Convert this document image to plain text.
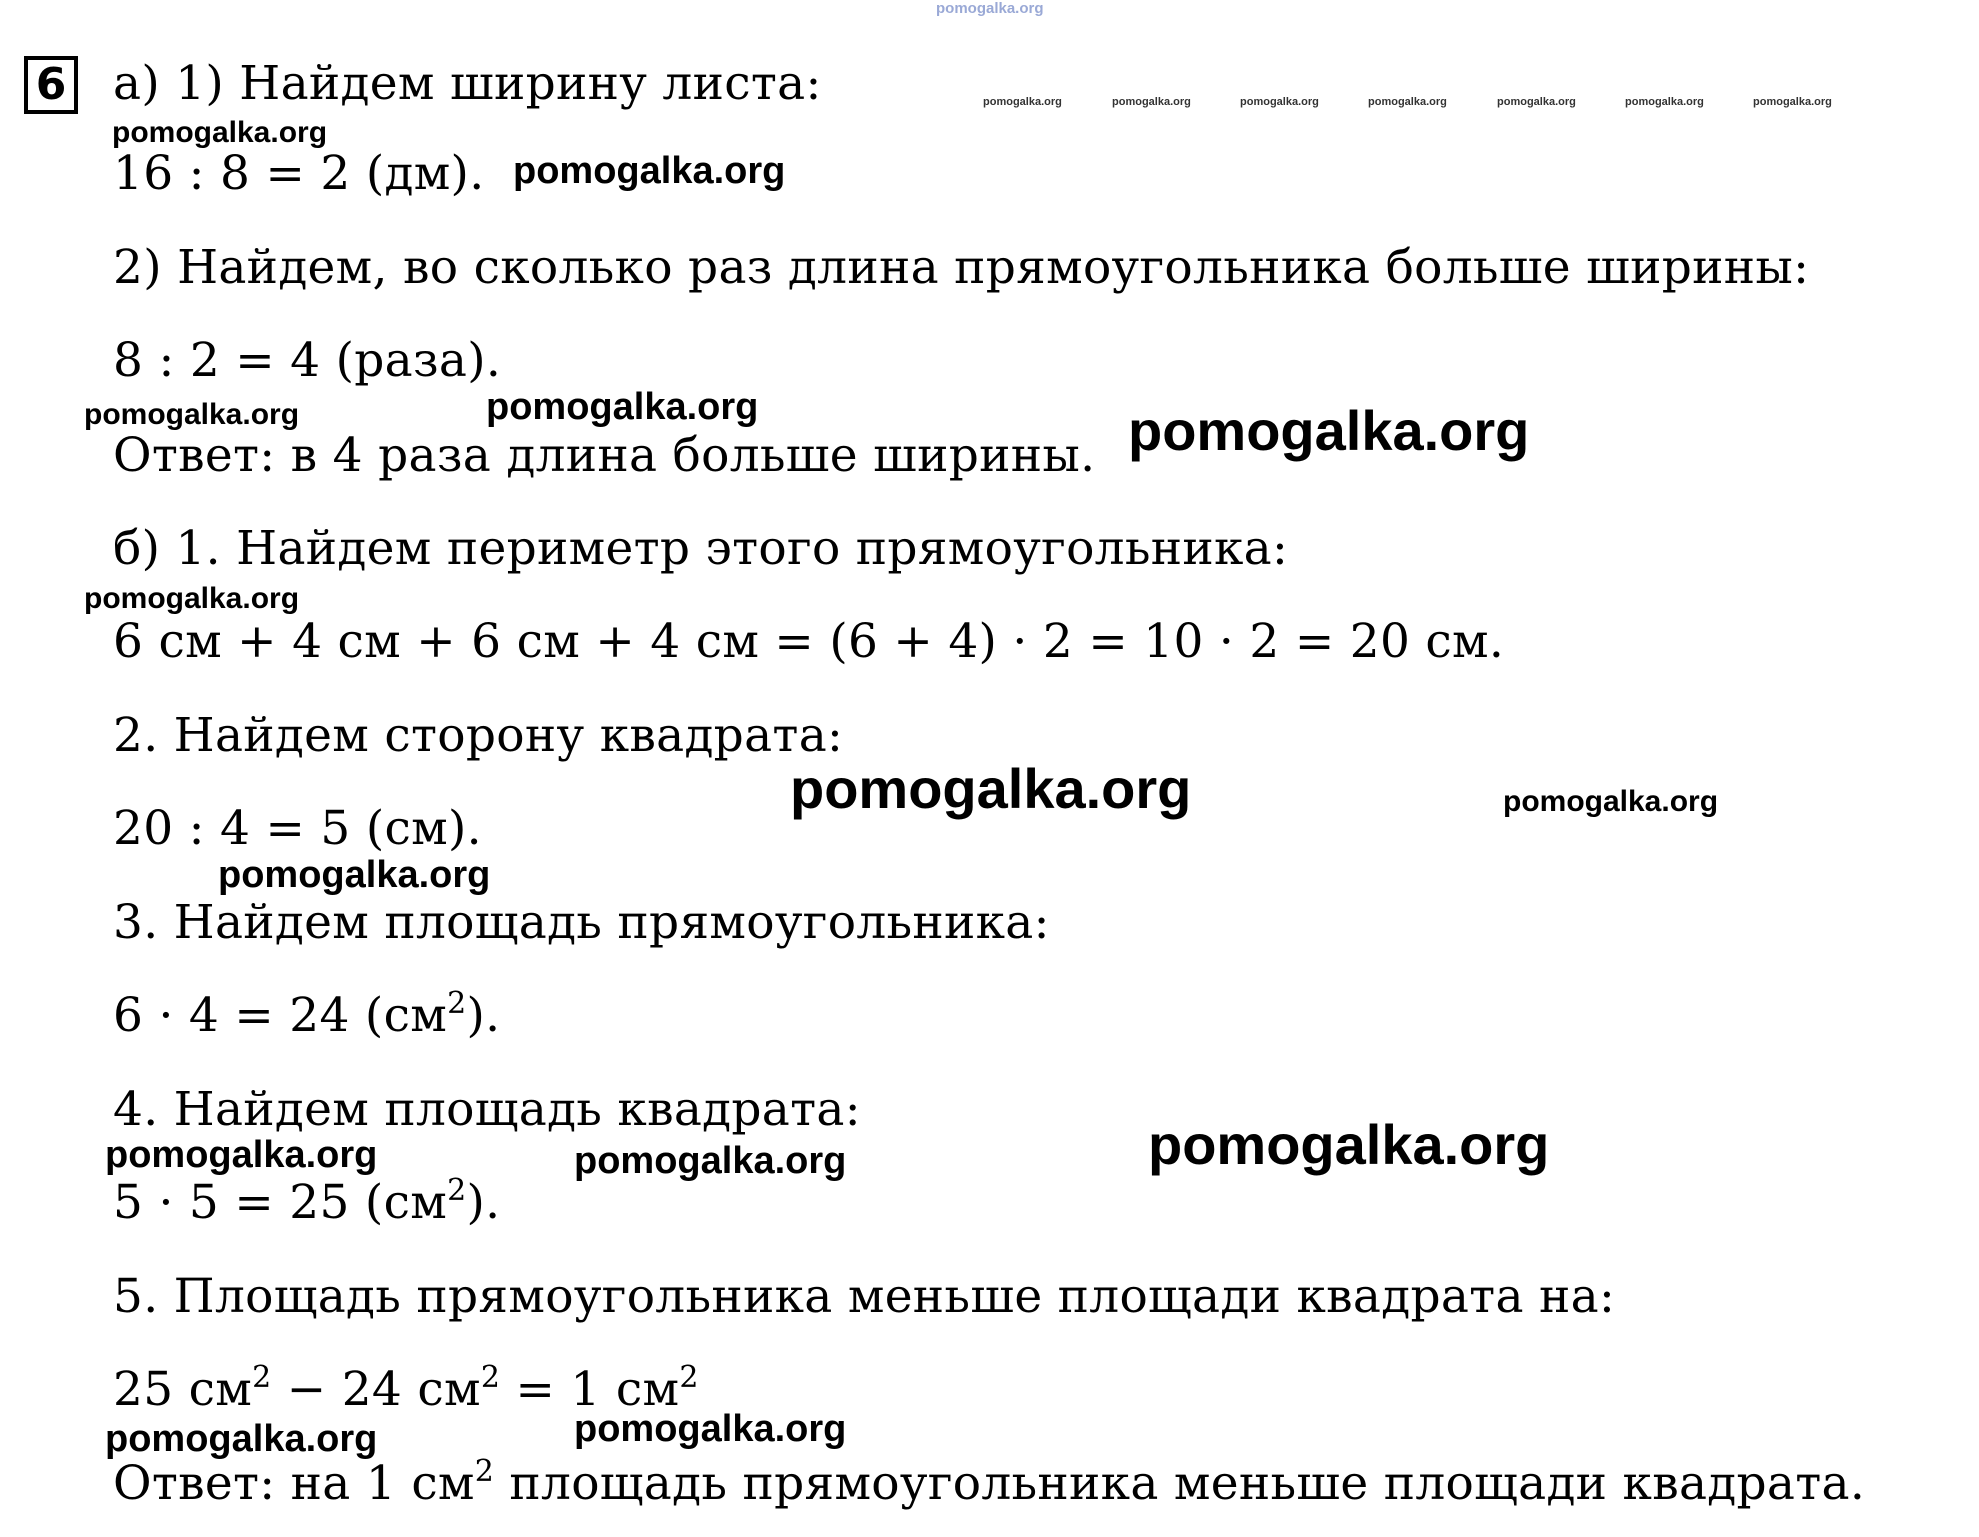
pomogalka.org
pomogalka.org	pomogalka.org	pomogalka.org	pomogalka.org	pomogalka.org	pomogalka.org	pomogalka.org
6 а) 1) Найдем ширину листа:
16 : 8 = 2 (дм).
2) Найдем, во сколько раз длина прямоугольника больше ширины:
8 : 2 = 4 (раза).
Ответ: в 4 раза длина больше ширины.
б) 1. Найдем периметр этого прямоугольника:
6 см + 4 см + 6 см + 4 см = (6 + 4) · 2 = 10 · 2 = 20 см.
2. Найдем сторону квадрата:
20 : 4 = 5 (см).
3. Найдем площадь прямоугольника:
6 · 4 = 24 $(см^2)$.
4. Найдем площадь квадрата:
5 · 5 = 25 $(см^2)$.
5. Площадь прямоугольника меньше площади квадрата на:
25 $см^2 - 24$ $см^2 = 1$ $см^2$
Ответ: на 1 $см^2$ площадь прямоугольника меньше площади квадрата.
pomogalka.org
pomogalka.org
pomogalka.org	pomogalka.org	pomogalka.org
pomogalka.org
pomogalka.org	pomogalka.org
pomogalka.org
pomogalka.org	pomogalka.org	pomogalka.org
pomogalka.org	pomogalka.org
